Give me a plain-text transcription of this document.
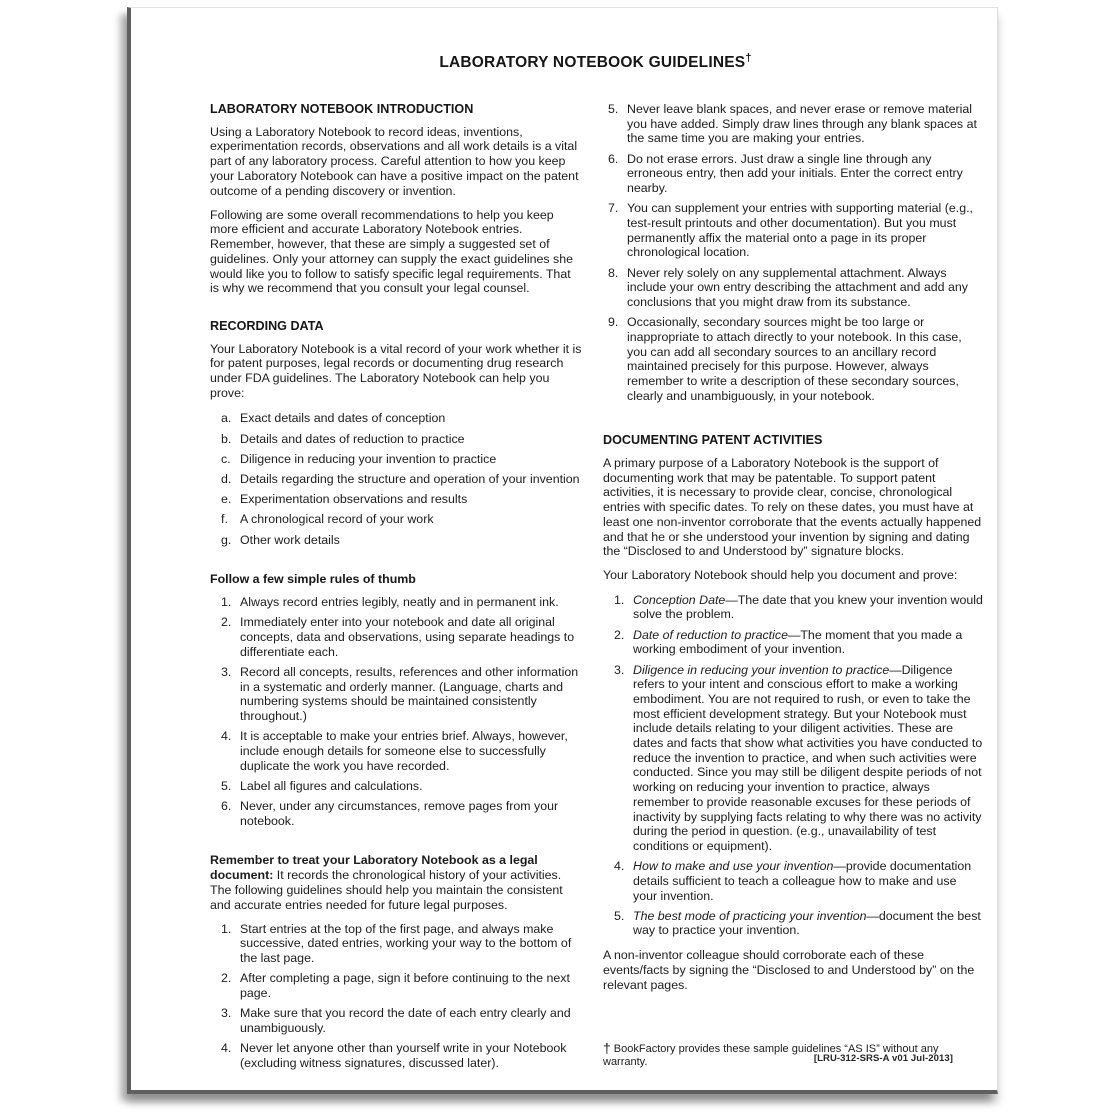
LABORATORY NOTEBOOK GUIDELINES†
LABORATORY NOTEBOOK INTRODUCTION

Using a Laboratory Notebook to record ideas, inventions, experimentation records, observations and all work details is a vital part of any laboratory process. Careful attention to how you keep your Laboratory Notebook can have a positive impact on the patent outcome of a pending discovery or invention.

Following are some overall recommendations to help you keep more efficient and accurate Laboratory Notebook entries. Remember, however, that these are simply a suggested set of guidelines. Only your attorney can supply the exact guidelines she would like you to follow to satisfy specific legal requirements. That is why we recommend that you consult your legal counsel.

RECORDING DATA

Your Laboratory Notebook is a vital record of your work whether it is for patent purposes, legal records or documenting drug research under FDA guidelines. The Laboratory Notebook can help you prove:

a. Exact details and dates of conception
b. Details and dates of reduction to practice
c. Diligence in reducing your invention to practice
d. Details regarding the structure and operation of your invention
e. Experimentation observations and results
f. A chronological record of your work
g. Other work details
Follow a few simple rules of thumb
1. Always record entries legibly, neatly and in permanent ink.
2. Immediately enter into your notebook and date all original concepts, data and observations, using separate headings to differentiate each.
3. Record all concepts, results, references and other information in a systematic and orderly manner. (Language, charts and numbering systems should be maintained consistently throughout.)
4. It is acceptable to make your entries brief. Always, however, include enough details for someone else to successfully duplicate the work you have recorded.
5. Label all figures and calculations.
6. Never, under any circumstances, remove pages from your notebook.

Remember to treat your Laboratory Notebook as a legal document: It records the chronological history of your activities. The following guidelines should help you maintain the consistent and accurate entries needed for future legal purposes.

1. Start entries at the top of the first page, and always make successive, dated entries, working your way to the bottom of the last page.
2. After completing a page, sign it before continuing to the next page.
3. Make sure that you record the date of each entry clearly and unambiguously.
4. Never let anyone other than yourself write in your Notebook (excluding witness signatures, discussed later).
5. Never leave blank spaces, and never erase or remove material you have added. Simply draw lines through any blank spaces at the same time you are making your entries.
6. Do not erase errors. Just draw a single line through any erroneous entry, then add your initials. Enter the correct entry nearby.
7. You can supplement your entries with supporting material (e.g., test-result printouts and other documentation). But you must permanently affix the material onto a page in its proper chronological location.
8. Never rely solely on any supplemental attachment. Always include your own entry describing the attachment and add any conclusions that you might draw from its substance.
9. Occasionally, secondary sources might be too large or inappropriate to attach directly to your notebook. In this case, you can add all secondary sources to an ancillary record maintained precisely for this purpose. However, always remember to write a description of these secondary sources, clearly and unambiguously, in your notebook.
DOCUMENTING PATENT ACTIVITIES

A primary purpose of a Laboratory Notebook is the support of documenting work that may be patentable. To support patent activities, it is necessary to provide clear, concise, chronological entries with specific dates. To rely on these dates, you must have at least one non-inventor corroborate that the events actually happened and that he or she understood your invention by signing and dating the “Disclosed to and Understood by” signature blocks.

Your Laboratory Notebook should help you document and prove:

1. Conception Date—The date that you knew your invention would solve the problem.
2. Date of reduction to practice—The moment that you made a working embodiment of your invention.
3. Diligence in reducing your invention to practice—Diligence refers to your intent and conscious effort to make a working embodiment. You are not required to rush, or even to take the most efficient development strategy. But your Notebook must include details relating to your diligent activities. These are dates and facts that show what activities you have conducted to reduce the invention to practice, and when such activities were conducted. Since you may still be diligent despite periods of not working on reducing your invention to practice, always remember to provide reasonable excuses for these periods of inactivity by supplying facts relating to why there was no activity during the period in question. (e.g., unavailability of test conditions or equipment).
4. How to make and use your invention—provide documentation details sufficient to teach a colleague how to make and use your invention.
5. The best mode of practicing your invention—document the best way to practice your invention.

A non-inventor colleague should corroborate each of these events/facts by signing the “Disclosed to and Understood by” on the relevant pages.

† BookFactory provides these sample guidelines “AS IS” without any warranty.	[LRU-312-SRS-A v01 Jul-2013]
